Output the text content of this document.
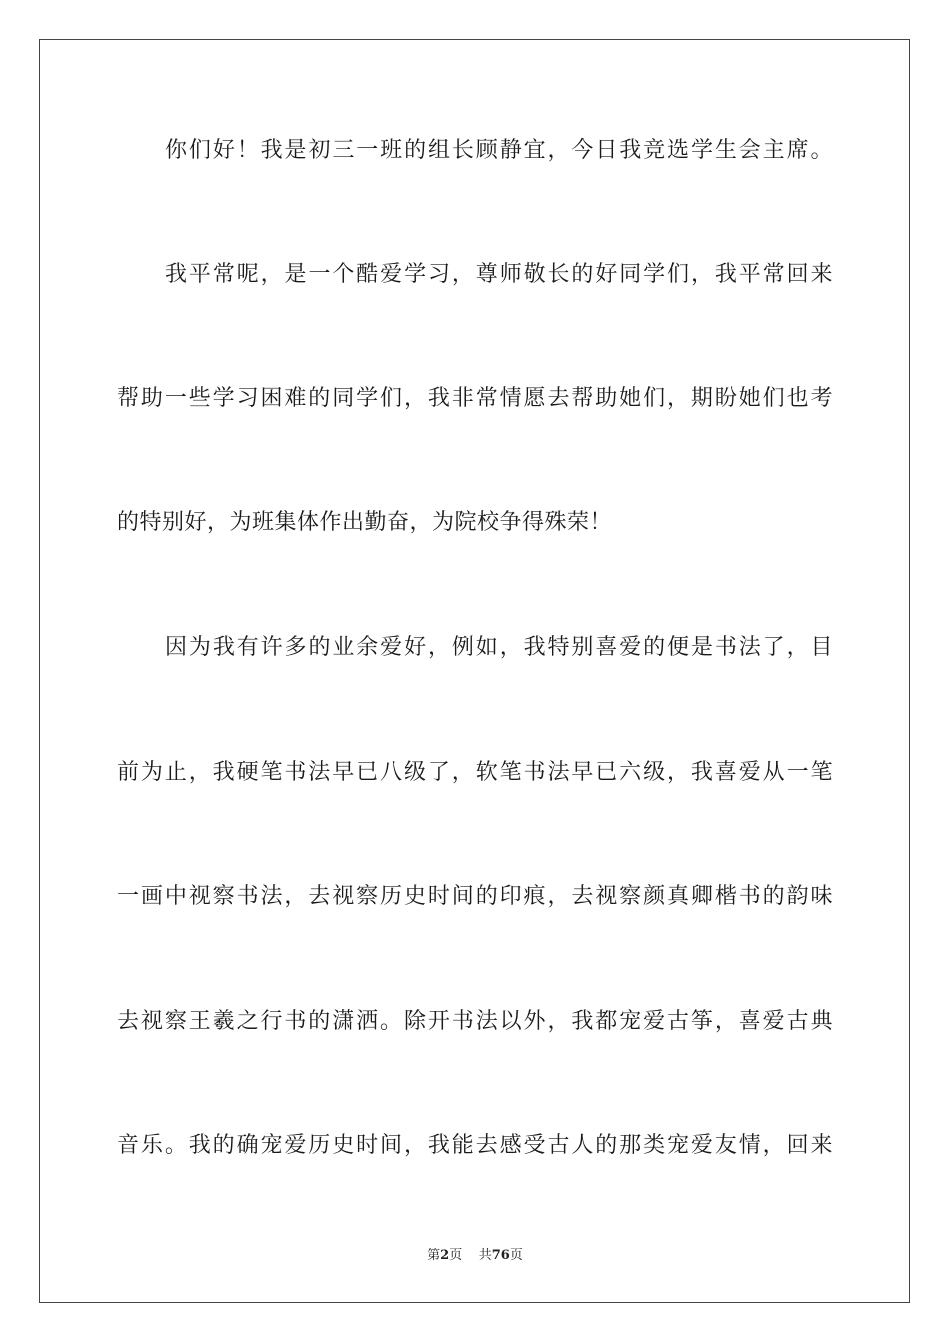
你们好！我是初三一班的组长顾静宜，今日我竞选学生会主席。
我平常呢，是一个酷爱学习，尊师敬长的好同学们，我平常回来
帮助一些学习困难的同学们，我非常情愿去帮助她们，期盼她们也考
的特别好，为班集体作出勤奋，为院校争得殊荣！
因为我有许多的业余爱好，例如，我特别喜爱的便是书法了，目
前为止，我硬笔书法早已八级了，软笔书法早已六级，我喜爱从一笔
一画中视察书法，去视察历史时间的印痕，去视察颜真卿楷书的韵味
去视察王羲之行书的潇洒。除开书法以外，我都宠爱古筝，喜爱古典
音乐。我的确宠爱历史时间，我能去感受古人的那类宠爱友情，回来
第2页 共76页
